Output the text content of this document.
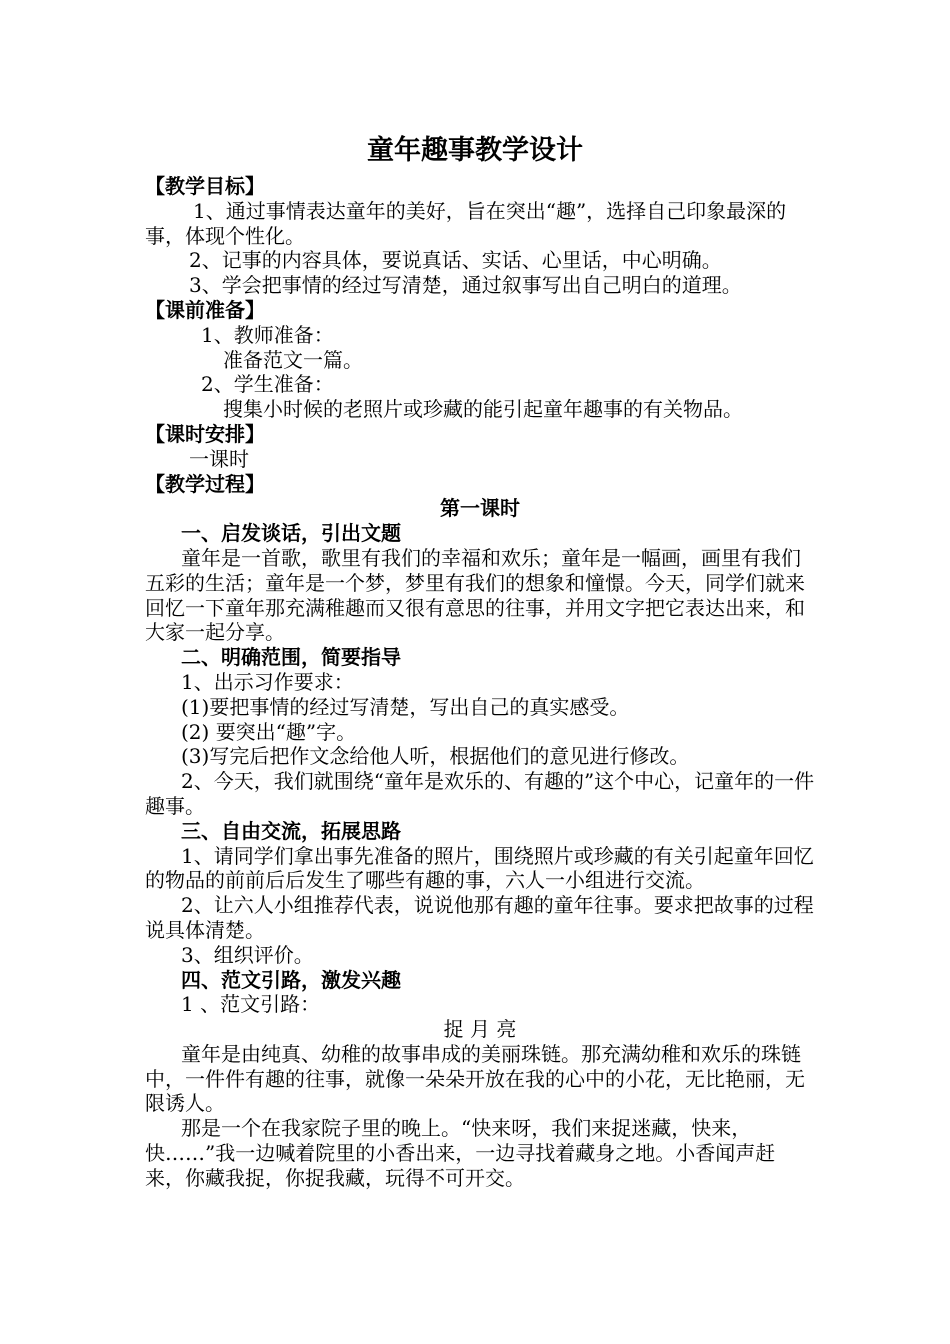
童年趣事教学设计

【教学目标】

1、通过事情表达童年的美好，旨在突出“趣”，选择自己印象最深的事，体现个性化。

2、记事的内容具体，要说真话、实话、心里话，中心明确。

3、学会把事情的经过写清楚，通过叙事写出自己明白的道理。

【课前准备】

1、教师准备：

准备范文一篇。

2、学生准备：

搜集小时候的老照片或珍藏的能引起童年趣事的有关物品。

【课时安排】

一课时

【教学过程】

第一课时

一、启发谈话，引出文题

童年是一首歌，歌里有我们的幸福和欢乐；童年是一幅画，画里有我们五彩的生活；童年是一个梦，梦里有我们的想象和憧憬。今天，同学们就来回忆一下童年那充满稚趣而又很有意思的往事，并用文字把它表达出来，和大家一起分享。

二、明确范围，简要指导

1、出示习作要求：

(1)要把事情的经过写清楚，写出自己的真实感受。

(2) 要突出“趣”字。

(3)写完后把作文念给他人听，根据他们的意见进行修改。

2、今天，我们就围绕“童年是欢乐的、有趣的”这个中心，记童年的一件趣事。

三、自由交流，拓展思路

1、请同学们拿出事先准备的照片，围绕照片或珍藏的有关引起童年回忆的物品的前前后后发生了哪些有趣的事，六人一小组进行交流。

2、让六人小组推荐代表，说说他那有趣的童年往事。要求把故事的过程说具体清楚。

3、组织评价。

四、范文引路，激发兴趣

1 、范文引路：

捉 月 亮

童年是由纯真、幼稚的故事串成的美丽珠链。那充满幼稚和欢乐的珠链中，一件件有趣的往事，就像一朵朵开放在我的心中的小花，无比艳丽，无限诱人。

那是一个在我家院子里的晚上。“快来呀，我们来捉迷藏，快来，快……”我一边喊着院里的小香出来，一边寻找着藏身之地。小香闻声赶来，你藏我捉，你捉我藏，玩得不可开交。
